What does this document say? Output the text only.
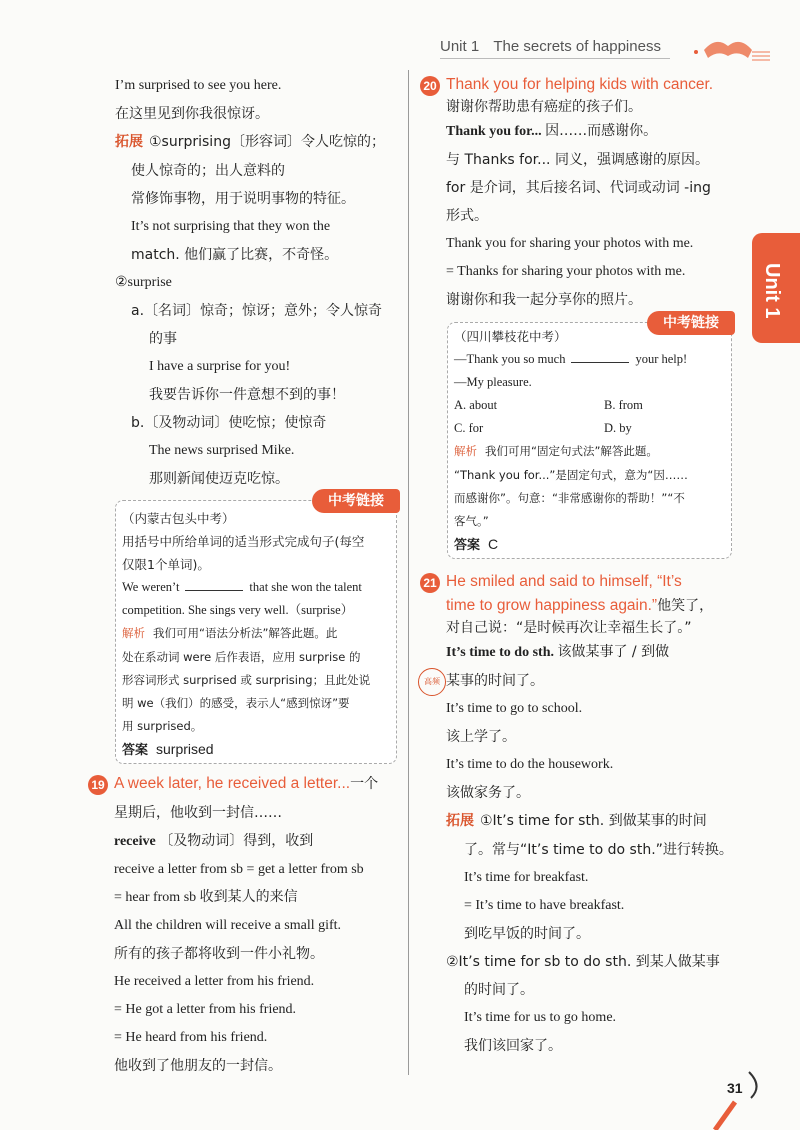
Unit 1 The secrets of happiness
Unit 1

I’m surprised to see you here.

在这里见到你我很惊讶。

拓展 ①surprising〔形容词〕令人吃惊的；

使人惊奇的；出人意料的

常修饰事物，用于说明事物的特征。

It’s not surprising that they won the

match. 他们赢了比赛，不奇怪。

②surprise

a.〔名词〕惊奇；惊讶；意外；令人惊奇

的事

I have a surprise for you!

我要告诉你一件意想不到的事！

b.〔及物动词〕使吃惊；使惊奇

The news surprised Mike.

那则新闻使迈克吃惊。

中考链接

（内蒙古包头中考）

用括号中所给单词的适当形式完成句子(每空

仅限1个单词)。

We weren’t	that she won the talent

competition. She sings very well.（surprise）

解析 我们可用“语法分析法”解答此题。此

处在系动词 were 后作表语，应用 surprise 的

形容词形式 surprised 或 surprising；且此处说

明 we（我们）的感受，表示人“感到惊讶”要

用 surprised。

答案 surprised

19 A week later, he received a letter...一个

星期后，他收到一封信……

receive 〔及物动词〕得到，收到

receive a letter from sb = get a letter from sb

= hear from sb 收到某人的来信

All the children will receive a small gift.

所有的孩子都将收到一件小礼物。

He received a letter from his friend.

= He got a letter from his friend.

= He heard from his friend.

他收到了他朋友的一封信。

20 Thank you for helping kids with cancer.

谢谢你帮助患有癌症的孩子们。

Thank you for... 因……而感谢你。

与 Thanks for... 同义，强调感谢的原因。

for 是介词，其后接名词、代词或动词 -ing

形式。

Thank you for sharing your photos with me.

= Thanks for sharing your photos with me.

谢谢你和我一起分享你的照片。

中考链接

（四川攀枝花中考）

—Thank you so much	your help!

—My pleasure.

A. about	B. from

C. for	D. by

解析 我们可用“固定句式法”解答此题。

“Thank you for...”是固定句式，意为“因……

而感谢你”。句意：“非常感谢你的帮助！”“不

客气。”

答案 C

高频

21 He smiled and said to himself, “It’s

time to grow happiness again.”他笑了，

对自己说：“是时候再次让幸福生长了。”

It’s time to do sth. 该做某事了 / 到做

某事的时间了。

It’s time to go to school.

该上学了。

It’s time to do the housework.

该做家务了。

拓展 ①It’s time for sth. 到做某事的时间

了。常与“It’s time to do sth.”进行转换。

It’s time for breakfast.

= It’s time to have breakfast.

到吃早饭的时间了。

②It’s time for sb to do sth. 到某人做某事

的时间了。

It’s time for us to go home.

我们该回家了。

31
